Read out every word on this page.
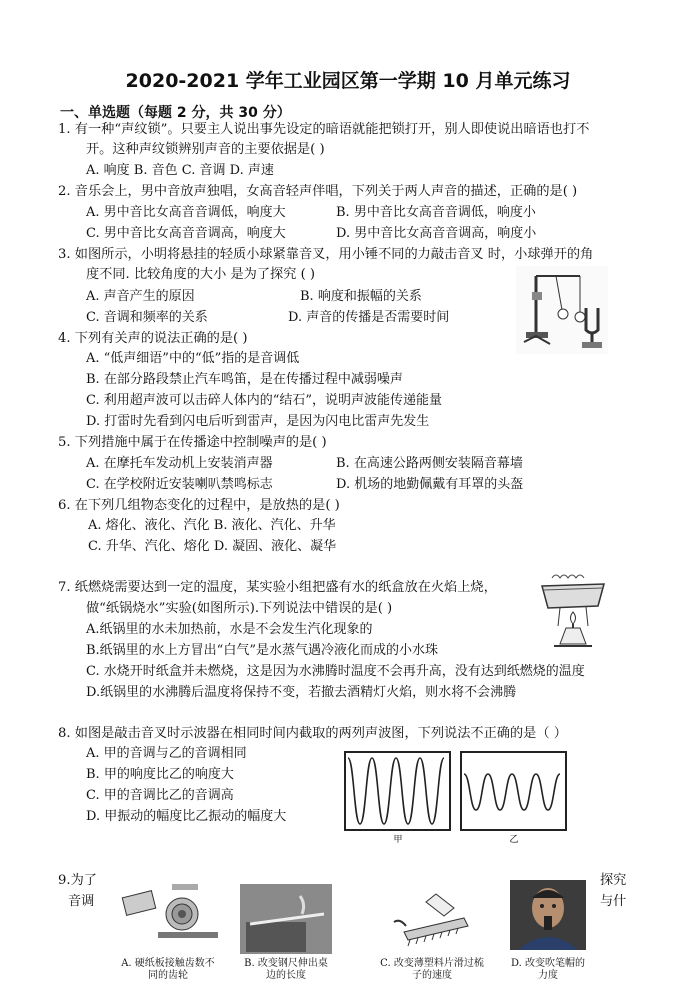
2020-2021 学年工业园区第一学期 10 月单元练习
一、单选题（每题 2 分，共 30 分）
1. 有一种“声纹锁”。只要主人说出事先设定的暗语就能把锁打开，别人即使说出暗语也打不
开。这种声纹锁辨别声音的主要依据是( )
A. 响度 B. 音色 C. 音调 D. 声速
2. 音乐会上，男中音放声独唱，女高音轻声伴唱，下列关于两人声音的描述，正确的是( )
A. 男中音比女高音音调低，响度大	B. 男中音比女高音音调低，响度小
C. 男中音比女高音音调高，响度大	D. 男中音比女高音音调高，响度小
3. 如图所示，小明将悬挂的轻质小球紧靠音叉，用小锤不同的力敲击音叉 时，小球弹开的角
度不同. 比较角度的大小 是为了探究 ( )
A. 声音产生的原因	B. 响度和振幅的关系
C. 音调和频率的关系	D. 声音的传播是否需要时间
4. 下列有关声的说法正确的是( )
A. “低声细语”中的“低”指的是音调低
B. 在部分路段禁止汽车鸣笛，是在传播过程中减弱噪声
C. 利用超声波可以击碎人体内的“结石”，说明声波能传递能量
D. 打雷时先看到闪电后听到雷声，是因为闪电比雷声先发生
5. 下列措施中属于在传播途中控制噪声的是( )
A. 在摩托车发动机上安装消声器	B. 在高速公路两侧安装隔音幕墙
C. 在学校附近安装喇叭禁鸣标志	D. 机场的地勤佩戴有耳罩的头盔
6. 在下列几组物态变化的过程中，是放热的是( )
A. 熔化、液化、汽化 B. 液化、汽化、升华
C. 升华、汽化、熔化 D. 凝固、液化、凝华
7. 纸燃烧需要达到一定的温度，某实验小组把盛有水的纸盒放在火焰上烧，
做“纸锅烧水”实验(如图所示).下列说法中错误的是( )
A.纸锅里的水未加热前，水是不会发生汽化现象的
B.纸锅里的水上方冒出“白气”是水蒸气遇冷液化而成的小水珠
C. 水烧开时纸盒并未燃烧，这是因为水沸腾时温度不会再升高，没有达到纸燃烧的温度
D.纸锅里的水沸腾后温度将保持不变，若撤去酒精灯火焰，则水将不会沸腾
8. 如图是敲击音叉时示波器在相同时间内截取的两列声波图，下列说法不正确的是（ ）
A. 甲的音调与乙的音调相同
B. 甲的响度比乙的响度大
C. 甲的音调比乙的音调高
D. 甲振动的幅度比乙振动的幅度大
甲	乙
9.为了
音调
探究
与什
A. 硬纸板接触齿数不同的齿轮
B. 改变钢尺伸出桌边的长度
C. 改变薄塑料片滑过梳子的速度
D. 改变吹笔帽的力度
